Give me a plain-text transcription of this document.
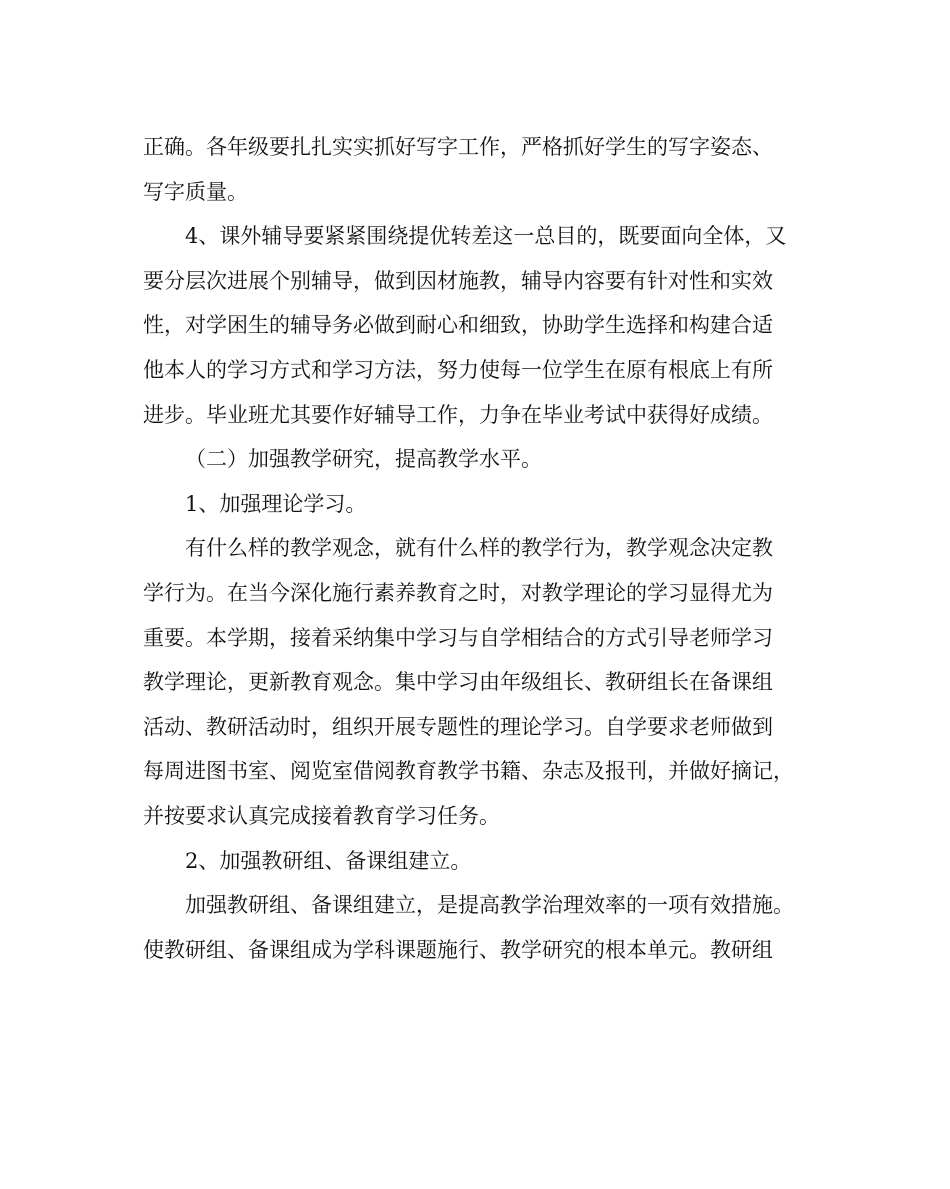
正确。各年级要扎扎实实抓好写字工作，严格抓好学生的写字姿态、

写字质量。

4、课外辅导要紧紧围绕提优转差这一总目的，既要面向全体，又

要分层次进展个别辅导，做到因材施教，辅导内容要有针对性和实效

性，对学困生的辅导务必做到耐心和细致，协助学生选择和构建合适

他本人的学习方式和学习方法，努力使每一位学生在原有根底上有所

进步。毕业班尤其要作好辅导工作，力争在毕业考试中获得好成绩。

（二）加强教学研究，提高教学水平。

1、加强理论学习。

有什么样的教学观念，就有什么样的教学行为，教学观念决定教

学行为。在当今深化施行素养教育之时，对教学理论的学习显得尤为

重要。本学期，接着采纳集中学习与自学相结合的方式引导老师学习

教学理论，更新教育观念。集中学习由年级组长、教研组长在备课组

活动、教研活动时，组织开展专题性的理论学习。自学要求老师做到

每周进图书室、阅览室借阅教育教学书籍、杂志及报刊，并做好摘记，

并按要求认真完成接着教育学习任务。

2、加强教研组、备课组建立。

加强教研组、备课组建立，是提高教学治理效率的一项有效措施。

使教研组、备课组成为学科课题施行、教学研究的根本单元。教研组
